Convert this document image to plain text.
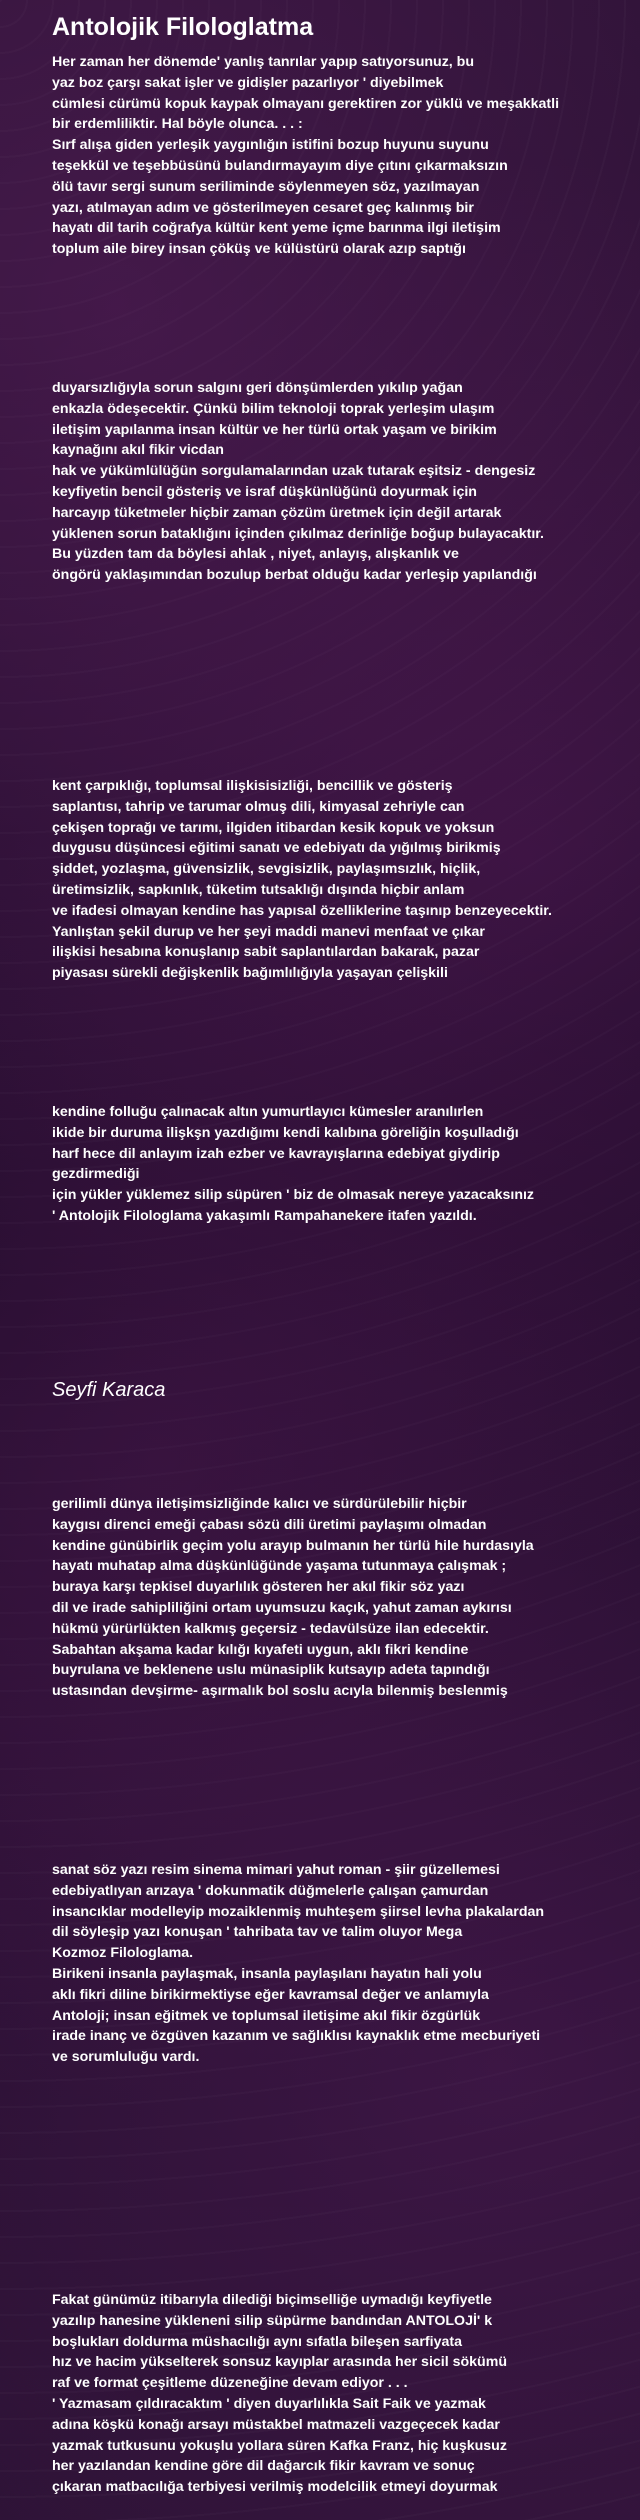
Antolojik Filologlatma
Her zaman her dönemde' yanlış tanrılar yapıp satıyorsunuz, bu
yaz boz çarşı sakat işler ve gidişler pazarlıyor ' diyebilmek
cümlesi cürümü kopuk kaypak olmayanı gerektiren zor yüklü ve meşakkatli
bir erdemliliktir. Hal böyle olunca. . . :
Sırf alışa giden yerleşik yaygınlığın istifini bozup huyunu suyunu
teşekkül ve teşebbüsünü bulandırmayayım diye çıtını çıkarmaksızın
ölü tavır sergi sunum seriliminde söylenmeyen söz, yazılmayan
yazı, atılmayan adım ve gösterilmeyen cesaret geç kalınmış bir
hayatı dil tarih coğrafya kültür kent yeme içme barınma ilgi iletişim
toplum aile birey insan çöküş ve külüstürü olarak azıp saptığı
duyarsızlığıyla sorun salgını geri dönşümlerden yıkılıp yağan
enkazla ödeşecektir. Çünkü bilim teknoloji toprak yerleşim ulaşım
iletişim yapılanma insan kültür ve her türlü ortak yaşam ve birikim
kaynağını akıl fikir vicdan
hak ve yükümlülüğün sorgulamalarından uzak tutarak eşitsiz - dengesiz
keyfiyetin bencil gösteriş ve israf düşkünlüğünü doyurmak için
harcayıp tüketmeler hiçbir zaman çözüm üretmek için değil artarak
yüklenen sorun bataklığını içinden çıkılmaz derinliğe boğup bulayacaktır.
Bu yüzden tam da böylesi ahlak , niyet, anlayış, alışkanlık ve
öngörü yaklaşımından bozulup berbat olduğu kadar yerleşip yapılandığı
kent çarpıklığı, toplumsal ilişkisisizliği, bencillik ve gösteriş
saplantısı, tahrip ve tarumar olmuş dili, kimyasal zehriyle can
çekişen toprağı ve tarımı, ilgiden itibardan kesik kopuk ve yoksun
duygusu düşüncesi eğitimi sanatı ve edebiyatı da yığılmış birikmiş
şiddet, yozlaşma, güvensizlik, sevgisizlik, paylaşımsızlık, hiçlik,
üretimsizlik, sapkınlık, tüketim tutsaklığı dışında hiçbir anlam
ve ifadesi olmayan kendine has yapısal özelliklerine taşınıp benzeyecektir.
Yanlıştan şekil durup ve her şeyi maddi manevi menfaat ve çıkar
ilişkisi hesabına konuşlanıp sabit saplantılardan bakarak, pazar
piyasası sürekli değişkenlik bağımlılığıyla yaşayan çelişkili
kendine folluğu çalınacak altın yumurtlayıcı kümesler aranılırlen
ikide bir duruma ilişkşn yazdığımı kendi kalıbına göreliğin koşulladığı
harf hece dil anlayım izah ezber ve kavrayışlarına edebiyat giydirip
gezdirmediği
için yükler yüklemez silip süpüren ' biz de olmasak nereye yazacaksınız
' Antolojik Filologlama yakaşımlı Rampahanekere itafen yazıldı.

Seyfi Karaca

gerilimli dünya iletişimsizliğinde kalıcı ve sürdürülebilir hiçbir
kaygısı direnci emeği çabası sözü dili üretimi paylaşımı olmadan
kendine günübirlik geçim yolu arayıp bulmanın her türlü hile hurdasıyla
hayatı muhatap alma düşkünlüğünde yaşama tutunmaya çalışmak ;
buraya karşı tepkisel duyarlılık gösteren her akıl fikir söz yazı
dil ve irade sahipliliğini ortam uyumsuzu kaçık, yahut zaman aykırısı
hükmü yürürlükten kalkmış geçersiz - tedavülsüze ilan edecektir.
Sabahtan akşama kadar kılığı kıyafeti uygun, aklı fikri kendine
buyrulana ve beklenene uslu münasiplik kutsayıp adeta tapındığı
ustasından devşirme- aşırmalık bol soslu acıyla bilenmiş beslenmiş
sanat söz yazı resim sinema mimari yahut roman - şiir güzellemesi
edebiyatlıyan arızaya ' dokunmatik düğmelerle çalışan çamurdan
insancıklar modelleyip mozaiklenmiş muhteşem şiirsel levha plakalardan
dil söyleşip yazı konuşan ' tahribata tav ve talim oluyor Mega
Kozmoz Filologlama.
Birikeni insanla paylaşmak, insanla paylaşılanı hayatın hali yolu
aklı fikri diline birikirmektiyse eğer kavramsal değer ve anlamıyla
Antoloji; insan eğitmek ve toplumsal iletişime akıl fikir özgürlük
irade inanç ve özgüven kazanım ve sağlıklısı kaynaklık etme mecburiyeti
ve sorumluluğu vardı.
Fakat günümüz itibarıyla dilediği biçimselliğe uymadığı keyfiyetle
yazılıp hanesine yükleneni silip süpürme bandından ANTOLOJİ' k
boşlukları doldurma müshacılığı aynı sıfatla bileşen sarfiyata
hız ve hacim yükselterek sonsuz kayıplar arasında her sicil sökümü
raf ve format çeşitleme düzeneğine devam ediyor . . .
' Yazmasam çıldıracaktım ' diyen duyarlılıkla Sait Faik ve yazmak
adına köşkü konağı arsayı müstakbel matmazeli vazgeçecek kadar
yazmak tutkusunu yokuşlu yollara süren Kafka Franz, hiç kuşkusuz
her yazılandan kendine göre dil dağarcık fikir kavram ve sonuç
çıkaran matbacılığa terbiyesi verilmiş modelcilik etmeyi doyurmak
